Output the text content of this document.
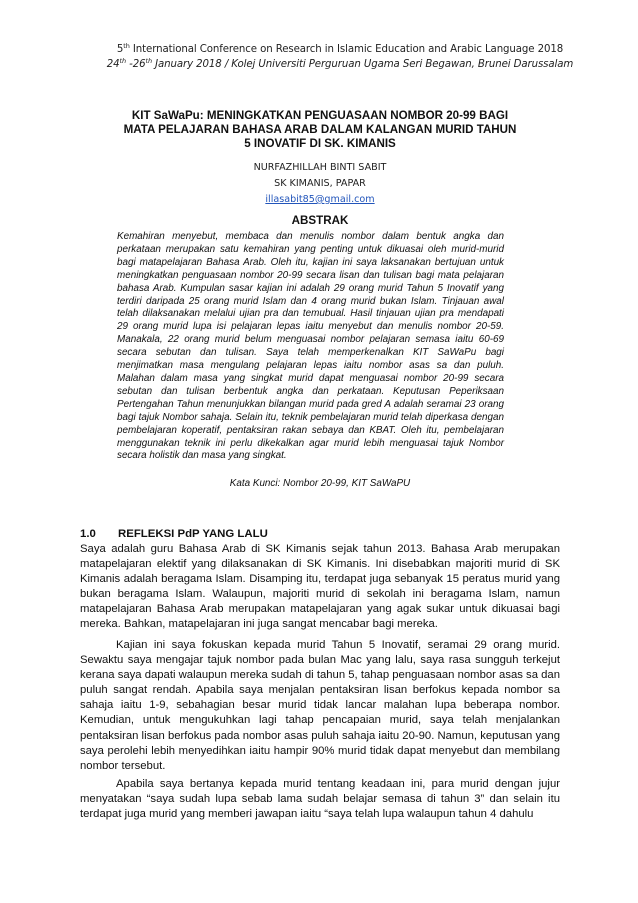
5th International Conference on Research in Islamic Education and Arabic Language 2018
24th -26th January 2018 / Kolej Universiti Perguruan Ugama Seri Begawan, Brunei Darussalam
KIT SaWaPu: MENINGKATKAN PENGUASAAN NOMBOR 20-99 BAGI
MATA PELAJARAN BAHASA ARAB DALAM KALANGAN MURID TAHUN
5 INOVATIF DI SK. KIMANIS
NURFAZHILLAH BINTI SABIT
SK KIMANIS, PAPAR
illasabit85@gmail.com
ABSTRAK
Kemahiran menyebut, membaca dan menulis nombor dalam bentuk angka dan perkataan merupakan satu kemahiran yang penting untuk dikuasai oleh murid-murid bagi matapelajaran Bahasa Arab. Oleh itu, kajian ini saya laksanakan bertujuan untuk meningkatkan penguasaan nombor 20-99 secara lisan dan tulisan bagi mata pelajaran bahasa Arab. Kumpulan sasar kajian ini adalah 29 orang murid Tahun 5 Inovatif yang terdiri daripada 25 orang murid Islam dan 4 orang murid bukan Islam. Tinjauan awal telah dilaksanakan melalui ujian pra dan temubual. Hasil tinjauan ujian pra mendapati 29 orang murid lupa isi pelajaran lepas iaitu menyebut dan menulis nombor 20-59. Manakala, 22 orang murid belum menguasai nombor pelajaran semasa iaitu 60-69 secara sebutan dan tulisan. Saya telah memperkenalkan KIT SaWaPu bagi menjimatkan masa mengulang pelajaran lepas iaitu nombor asas sa dan puluh. Malahan dalam masa yang singkat murid dapat menguasai nombor 20-99 secara sebutan dan tulisan berbentuk angka dan perkataan. Keputusan Peperiksaan Pertengahan Tahun menunjukkan bilangan murid pada gred A adalah seramai 23 orang bagi tajuk Nombor sahaja. Selain itu, teknik pembelajaran murid telah diperkasa dengan pembelajaran koperatif, pentaksiran rakan sebaya dan KBAT. Oleh itu, pembelajaran menggunakan teknik ini perlu dikekalkan agar murid lebih menguasai tajuk Nombor secara holistik dan masa yang singkat.
Kata Kunci: Nombor 20-99, KIT SaWaPU
1.0 REFLEKSI PdP YANG LALU

Saya adalah guru Bahasa Arab di SK Kimanis sejak tahun 2013. Bahasa Arab merupakan matapelajaran elektif yang dilaksanakan di SK Kimanis. Ini disebabkan majoriti murid di SK Kimanis adalah beragama Islam. Disamping itu, terdapat juga sebanyak 15 peratus murid yang bukan beragama Islam. Walaupun, majoriti murid di sekolah ini beragama Islam, namun matapelajaran Bahasa Arab merupakan matapelajaran yang agak sukar untuk dikuasai bagi mereka. Bahkan, matapelajaran ini juga sangat mencabar bagi mereka.

Kajian ini saya fokuskan kepada murid Tahun 5 Inovatif, seramai 29 orang murid. Sewaktu saya mengajar tajuk nombor pada bulan Mac yang lalu, saya rasa sungguh terkejut kerana saya dapati walaupun mereka sudah di tahun 5, tahap penguasaan nombor asas sa dan puluh sangat rendah. Apabila saya menjalan pentaksiran lisan berfokus kepada nombor sa sahaja iaitu 1-9, sebahagian besar murid tidak lancar malahan lupa beberapa nombor. Kemudian, untuk mengukuhkan lagi tahap pencapaian murid, saya telah menjalankan pentaksiran lisan berfokus pada nombor asas puluh sahaja iaitu 20-90. Namun, keputusan yang saya perolehi lebih menyedihkan iaitu hampir 90% murid tidak dapat menyebut dan membilang nombor tersebut.

Apabila saya bertanya kepada murid tentang keadaan ini, para murid dengan jujur menyatakan “saya sudah lupa sebab lama sudah belajar semasa di tahun 3” dan selain itu terdapat juga murid yang memberi jawapan iaitu “saya telah lupa walaupun tahun 4 dahulu
